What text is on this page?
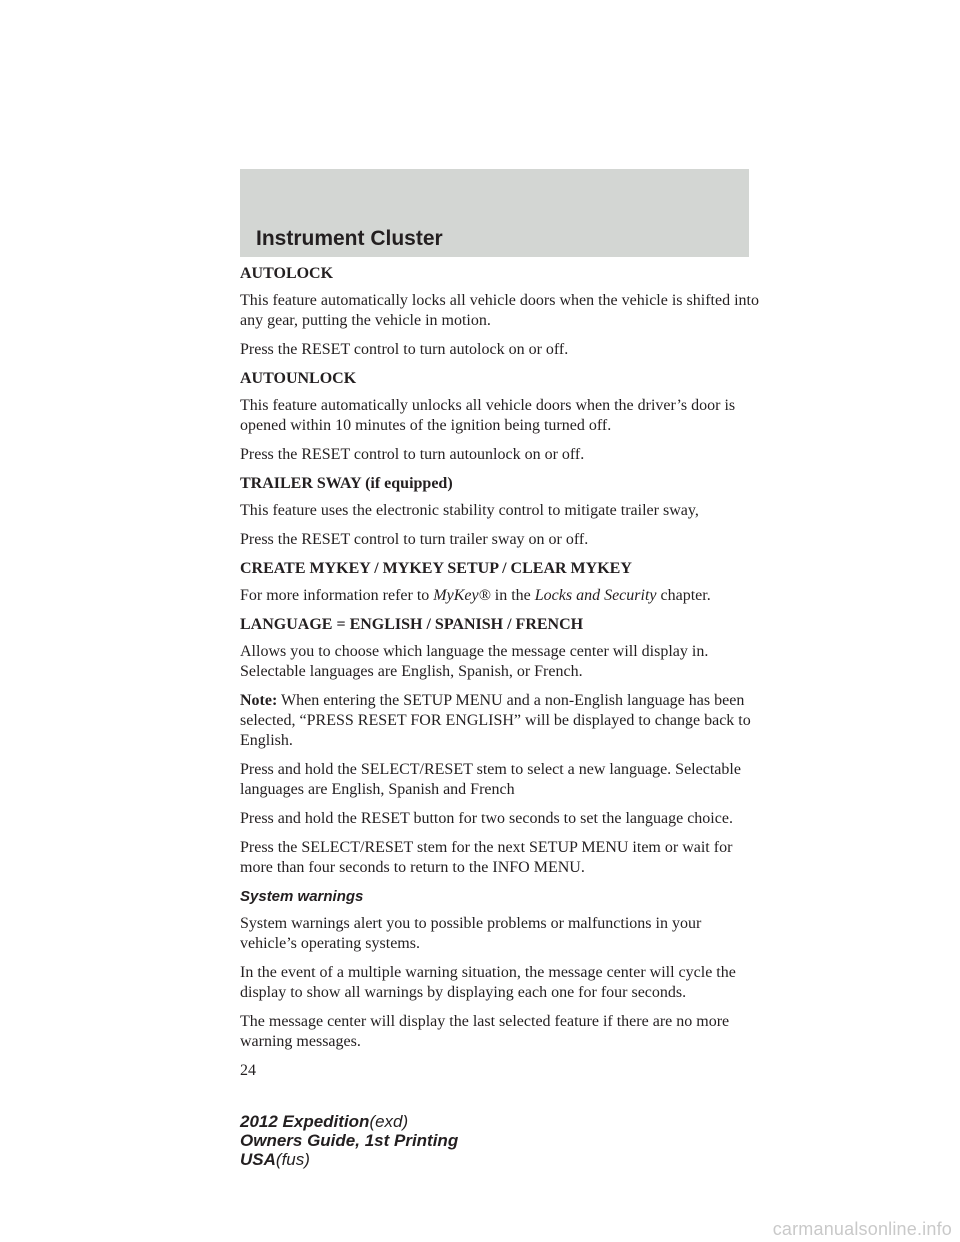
Instrument Cluster

AUTOLOCK

This feature automatically locks all vehicle doors when the vehicle is shifted into any gear, putting the vehicle in motion.

Press the RESET control to turn autolock on or off.

AUTOUNLOCK

This feature automatically unlocks all vehicle doors when the driver’s door is opened within 10 minutes of the ignition being turned off.

Press the RESET control to turn autounlock on or off.

TRAILER SWAY (if equipped)

This feature uses the electronic stability control to mitigate trailer sway,

Press the RESET control to turn trailer sway on or off.

CREATE MYKEY / MYKEY SETUP / CLEAR MYKEY

For more information refer to MyKey® in the Locks and Security chapter.

LANGUAGE = ENGLISH / SPANISH / FRENCH

Allows you to choose which language the message center will display in. Selectable languages are English, Spanish, or French.

Note: When entering the SETUP MENU and a non-English language has been selected, “PRESS RESET FOR ENGLISH” will be displayed to change back to English.

Press and hold the SELECT/RESET stem to select a new language. Selectable languages are English, Spanish and French

Press and hold the RESET button for two seconds to set the language choice.

Press the SELECT/RESET stem for the next SETUP MENU item or wait for more than four seconds to return to the INFO MENU.

System warnings

System warnings alert you to possible problems or malfunctions in your vehicle’s operating systems.

In the event of a multiple warning situation, the message center will cycle the display to show all warnings by displaying each one for four seconds.

The message center will display the last selected feature if there are no more warning messages.

24

2012 Expedition(exd)
Owners Guide, 1st Printing
USA(fus)
carmanualsonline.info
